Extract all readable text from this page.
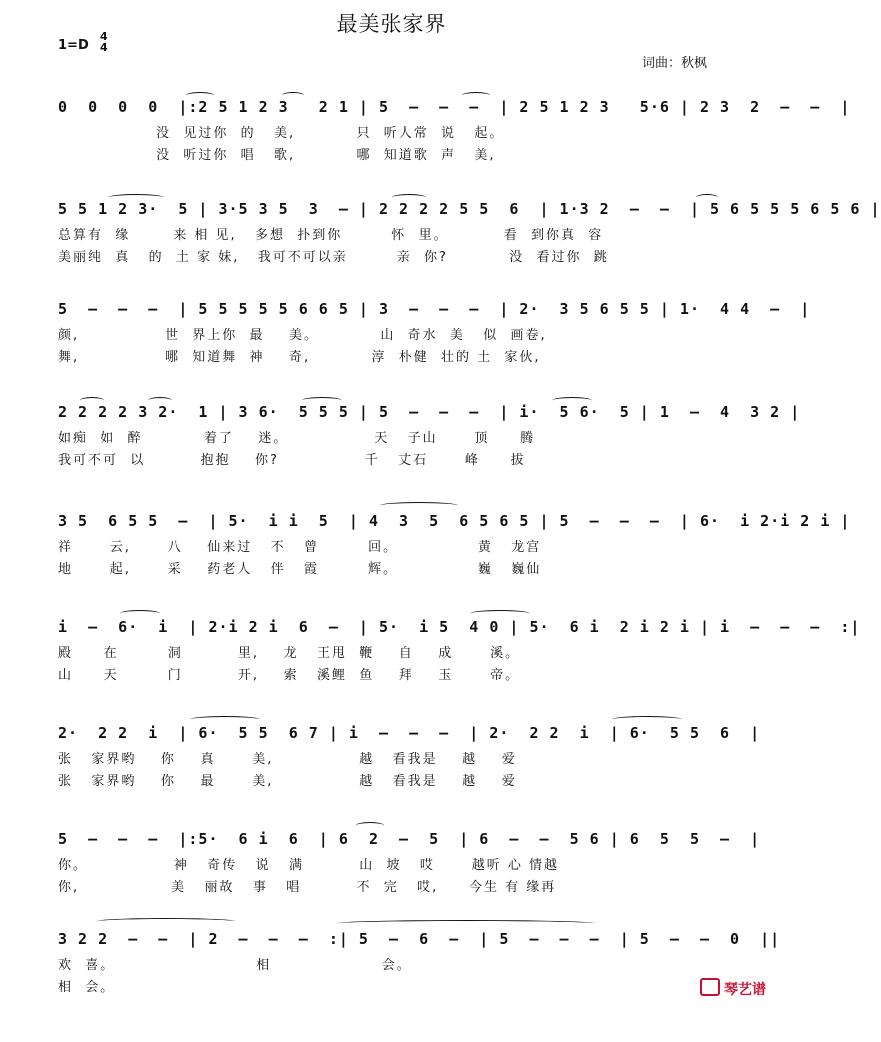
最美张家界
1=D
4
4
词曲：秋枫
0  0  0  0  |:2 5 1 2 3   2 1 | 5  –  –  –  | 2 5 1 2 3   5·6 | 2 3  2  –  –  |
没  见过你  的   美,          只  听人常  说   起。
没  听过你  唱   歌,          哪  知道歌  声   美,
5 5 1 2 3·  5 | 3·5 3 5  3  – | 2 2 2 2 5 5  6  | 1·3 2  –  –  | 5 6 5 5 5 6 5 6 |
总算有  缘       来 相 见,   多想  扑到你        怀  里。         看  到你真  容
美丽纯  真   的  土 家 妹,   我可不可以亲        亲  你?          没  看过你  跳
5  –  –  –  | 5 5 5 5 5 6 6 5 | 3  –  –  –  | 2·  3 5 6 5 5 | 1·  4 4  –  |
颜,              世  界上你  最    美。          山  奇水  美   似  画卷,
舞,              哪  知道舞  神    奇,          淳  朴健  壮的 土  家伙,
2 2 2 2 3 2·  1 | 3 6·  5 5 5 | 5  –  –  –  | i·  5 6·  5 | 1  –  4  3 2 |
如痴  如  醉          着了    迷。              天   子山      顶     腾
我可不可  以         抱抱    你?              千   丈石      峰     拔
3 5  6 5 5  –  | 5·  i i  5  | 4  3  5  6 5 6 5 | 5  –  –  –  | 6·  i 2·i 2 i |
祥      云,      八    仙来过   不   曾        回。             黄   龙宫
地      起,      采    药老人   伴   霞        辉。             巍   巍仙
i  –  6·  i  | 2·i 2 i  6  –  | 5·  i 5  4 0 | 5·  6 i  2 i 2 i | i  –  –  –  :|
殿     在        洞         里,    龙   王甩  鞭    自    成      溪。
山     天        门         开,    索   溪鲤  鱼    拜    玉      帝。
2·  2 2  i  | 6·  5 5  6 7 | i  –  –  –  | 2·  2 2  i  | 6·  5 5  6  |
张   家界哟    你    真      美,              越   看我是    越    爱
张   家界哟    你    最      美,              越   看我是    越    爱
5  –  –  –  |:5·  6 i  6  | 6  2  –  5  | 6  –  –  5 6 | 6  5  5  –  |
你。              神   奇传   说   满         山  坡   哎      越听 心 情越
你,               美   丽故   事   唱         不  完   哎,     今生 有 缘再
3 2 2  –  –  | 2  –  –  –  :| 5  –  6  –  | 5  –  –  –  | 5  –  –  0  ||
欢  喜。                       相                  会。
相  会。	琴艺谱
